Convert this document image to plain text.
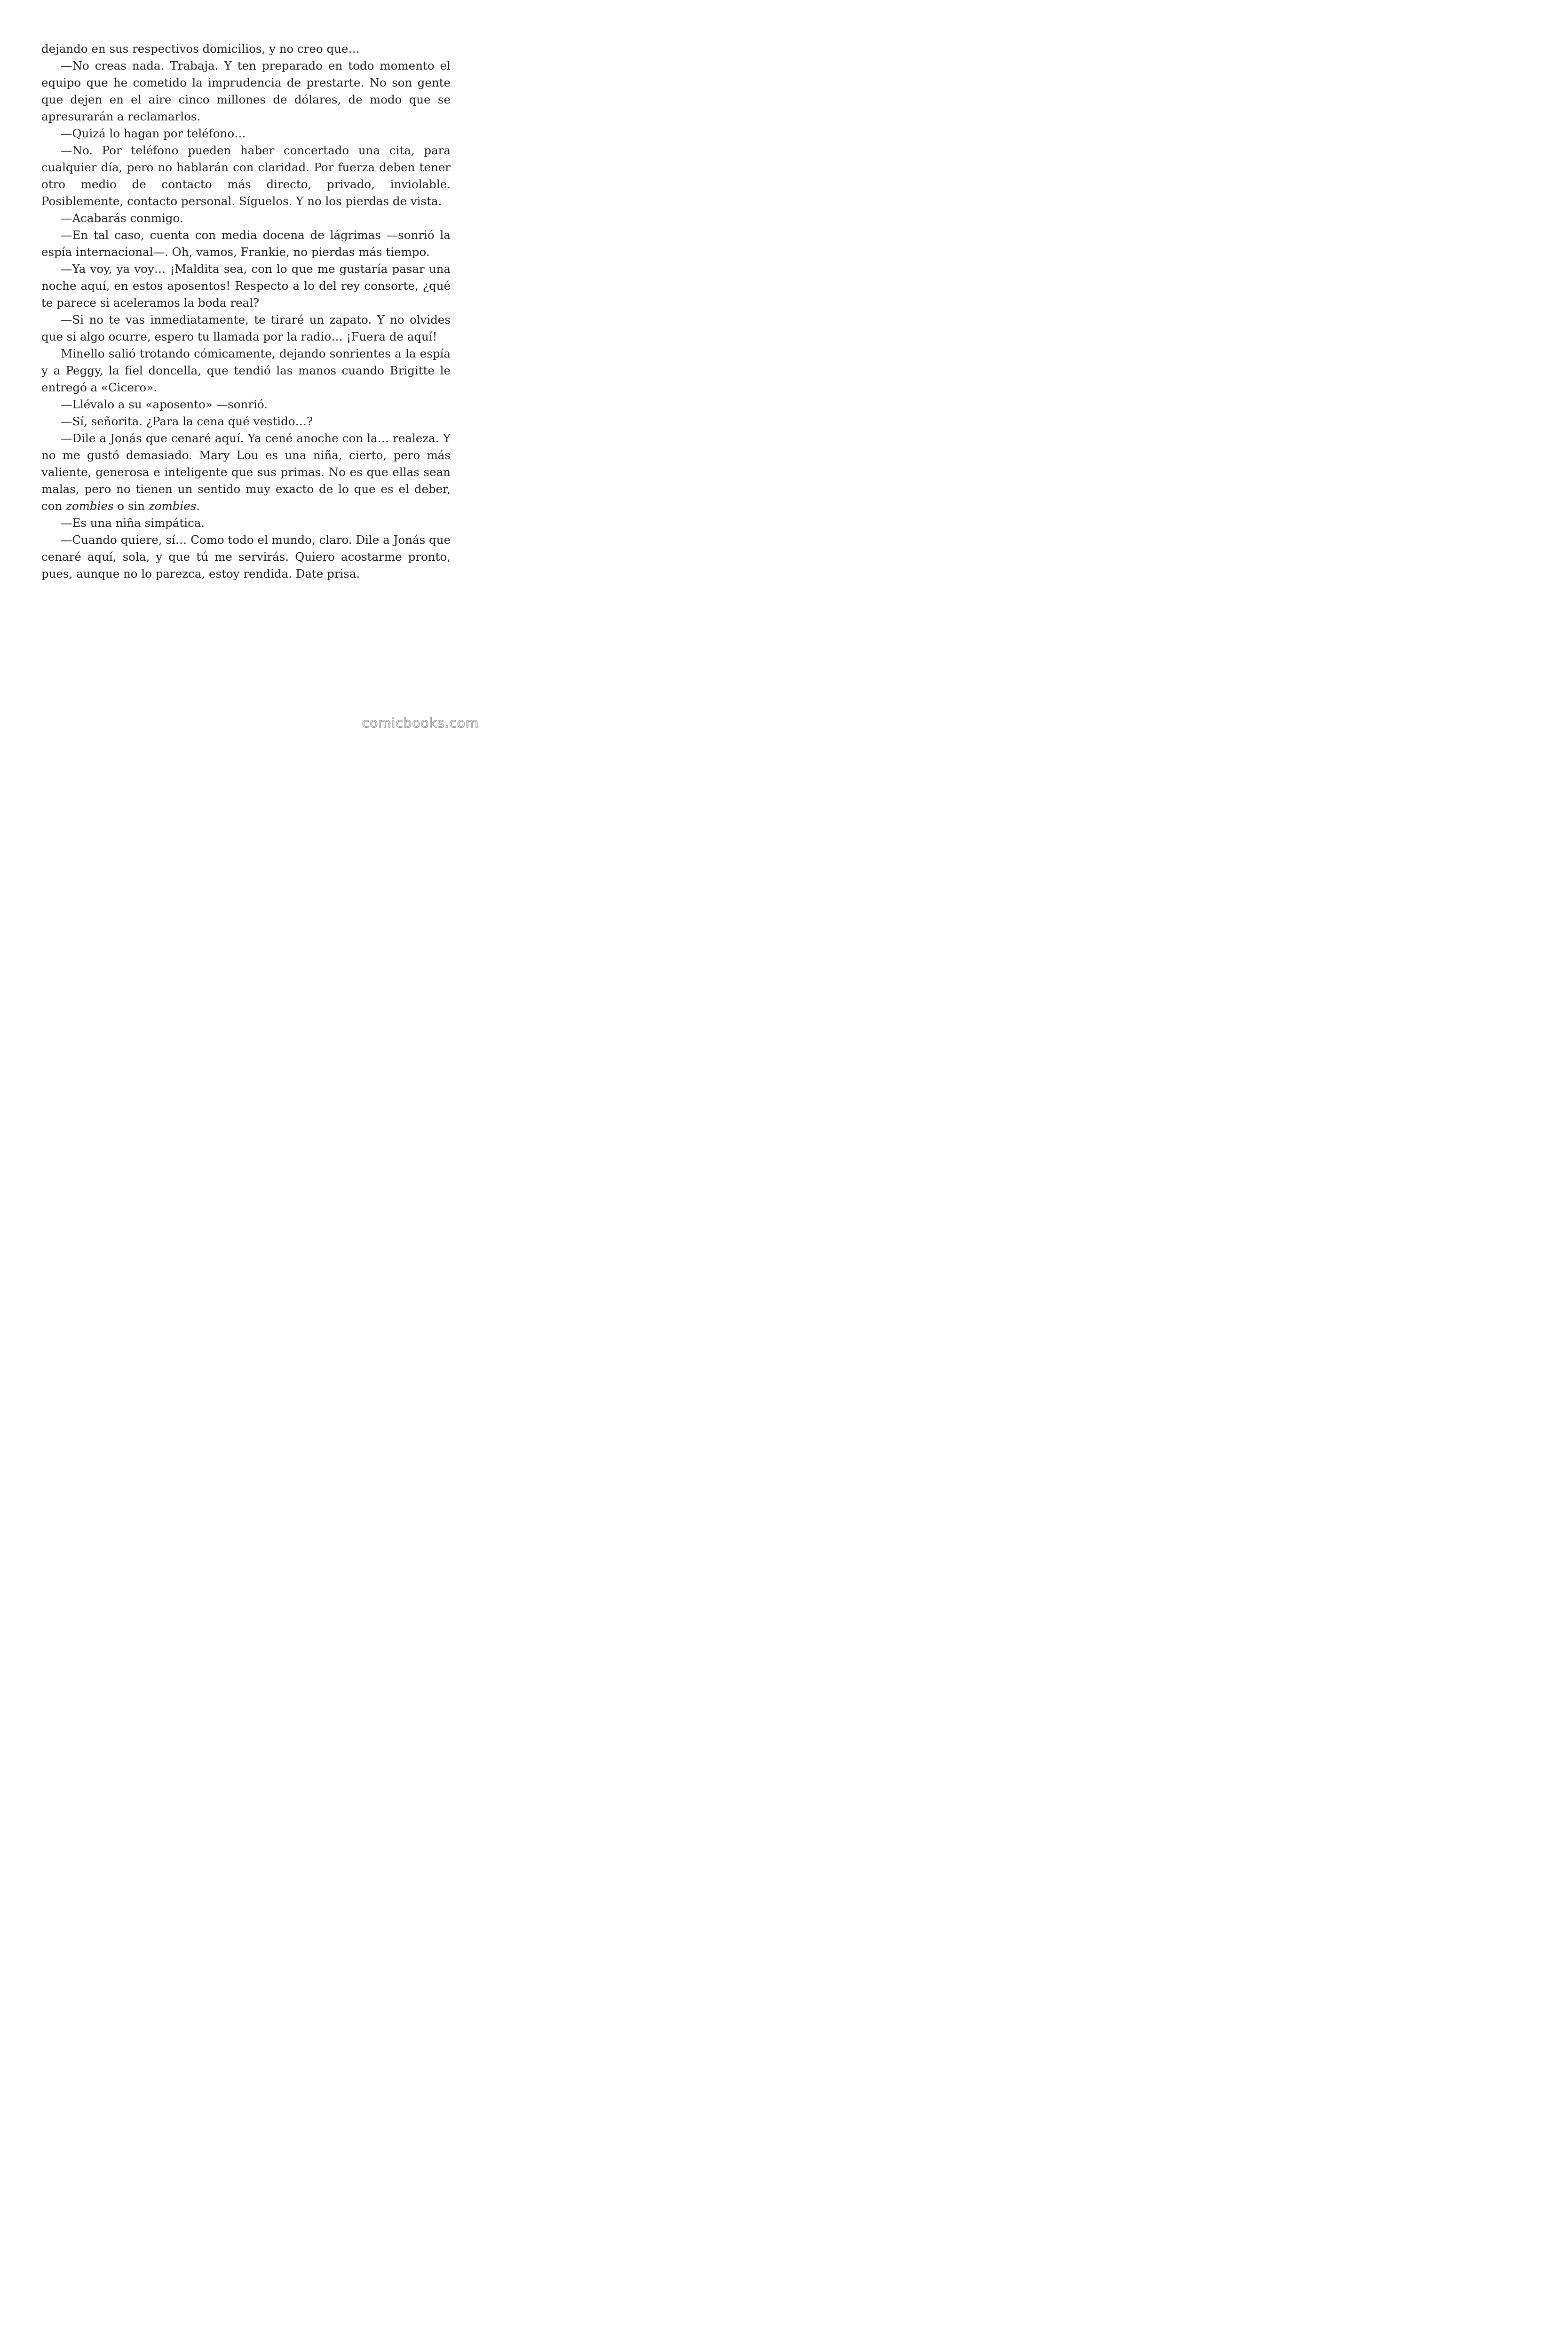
dejando en sus respectivos domicilios, y no creo que…

—No creas nada. Trabaja. Y ten preparado en todo momento el equipo que he cometido la imprudencia de prestarte. No son gente que dejen en el aire cinco millones de dólares, de modo que se apresurarán a reclamarlos.

—Quizá lo hagan por teléfono…

—No. Por teléfono pueden haber concertado una cita, para cualquier día, pero no hablarán con claridad. Por fuerza deben tener otro medio de contacto más directo, privado, inviolable. Posiblemente, contacto personal. Síguelos. Y no los pierdas de vista.

—Acabarás conmigo.

—En tal caso, cuenta con media docena de lágrimas —sonrió la espía internacional—. Oh, vamos, Frankie, no pierdas más tiempo.

—Ya voy, ya voy… ¡Maldita sea, con lo que me gustaría pasar una noche aquí, en estos aposentos! Respecto a lo del rey consorte, ¿qué te parece si aceleramos la boda real?

—Si no te vas inmediatamente, te tiraré un zapato. Y no olvides que si algo ocurre, espero tu llamada por la radio… ¡Fuera de aquí!

Minello salió trotando cómicamente, dejando sonrientes a la espía y a Peggy, la fiel doncella, que tendió las manos cuando Brigitte le entregó a «Cicero».

—Llévalo a su «aposento» —sonrió.

—Sí, señorita. ¿Para la cena qué vestido…?

—Dile a Jonás que cenaré aquí. Ya cené anoche con la… realeza. Y no me gustó demasiado. Mary Lou es una niña, cierto, pero más valiente, generosa e inteligente que sus primas. No es que ellas sean malas, pero no tienen un sentido muy exacto de lo que es el deber, con zombies o sin zombies.

—Es una niña simpática.

—Cuando quiere, sí… Como todo el mundo, claro. Dile a Jonás que cenaré aquí, sola, y que tú me servirás. Quiero acostarme pronto, pues, aunque no lo parezca, estoy rendida. Date prisa.

comicbooks.com
